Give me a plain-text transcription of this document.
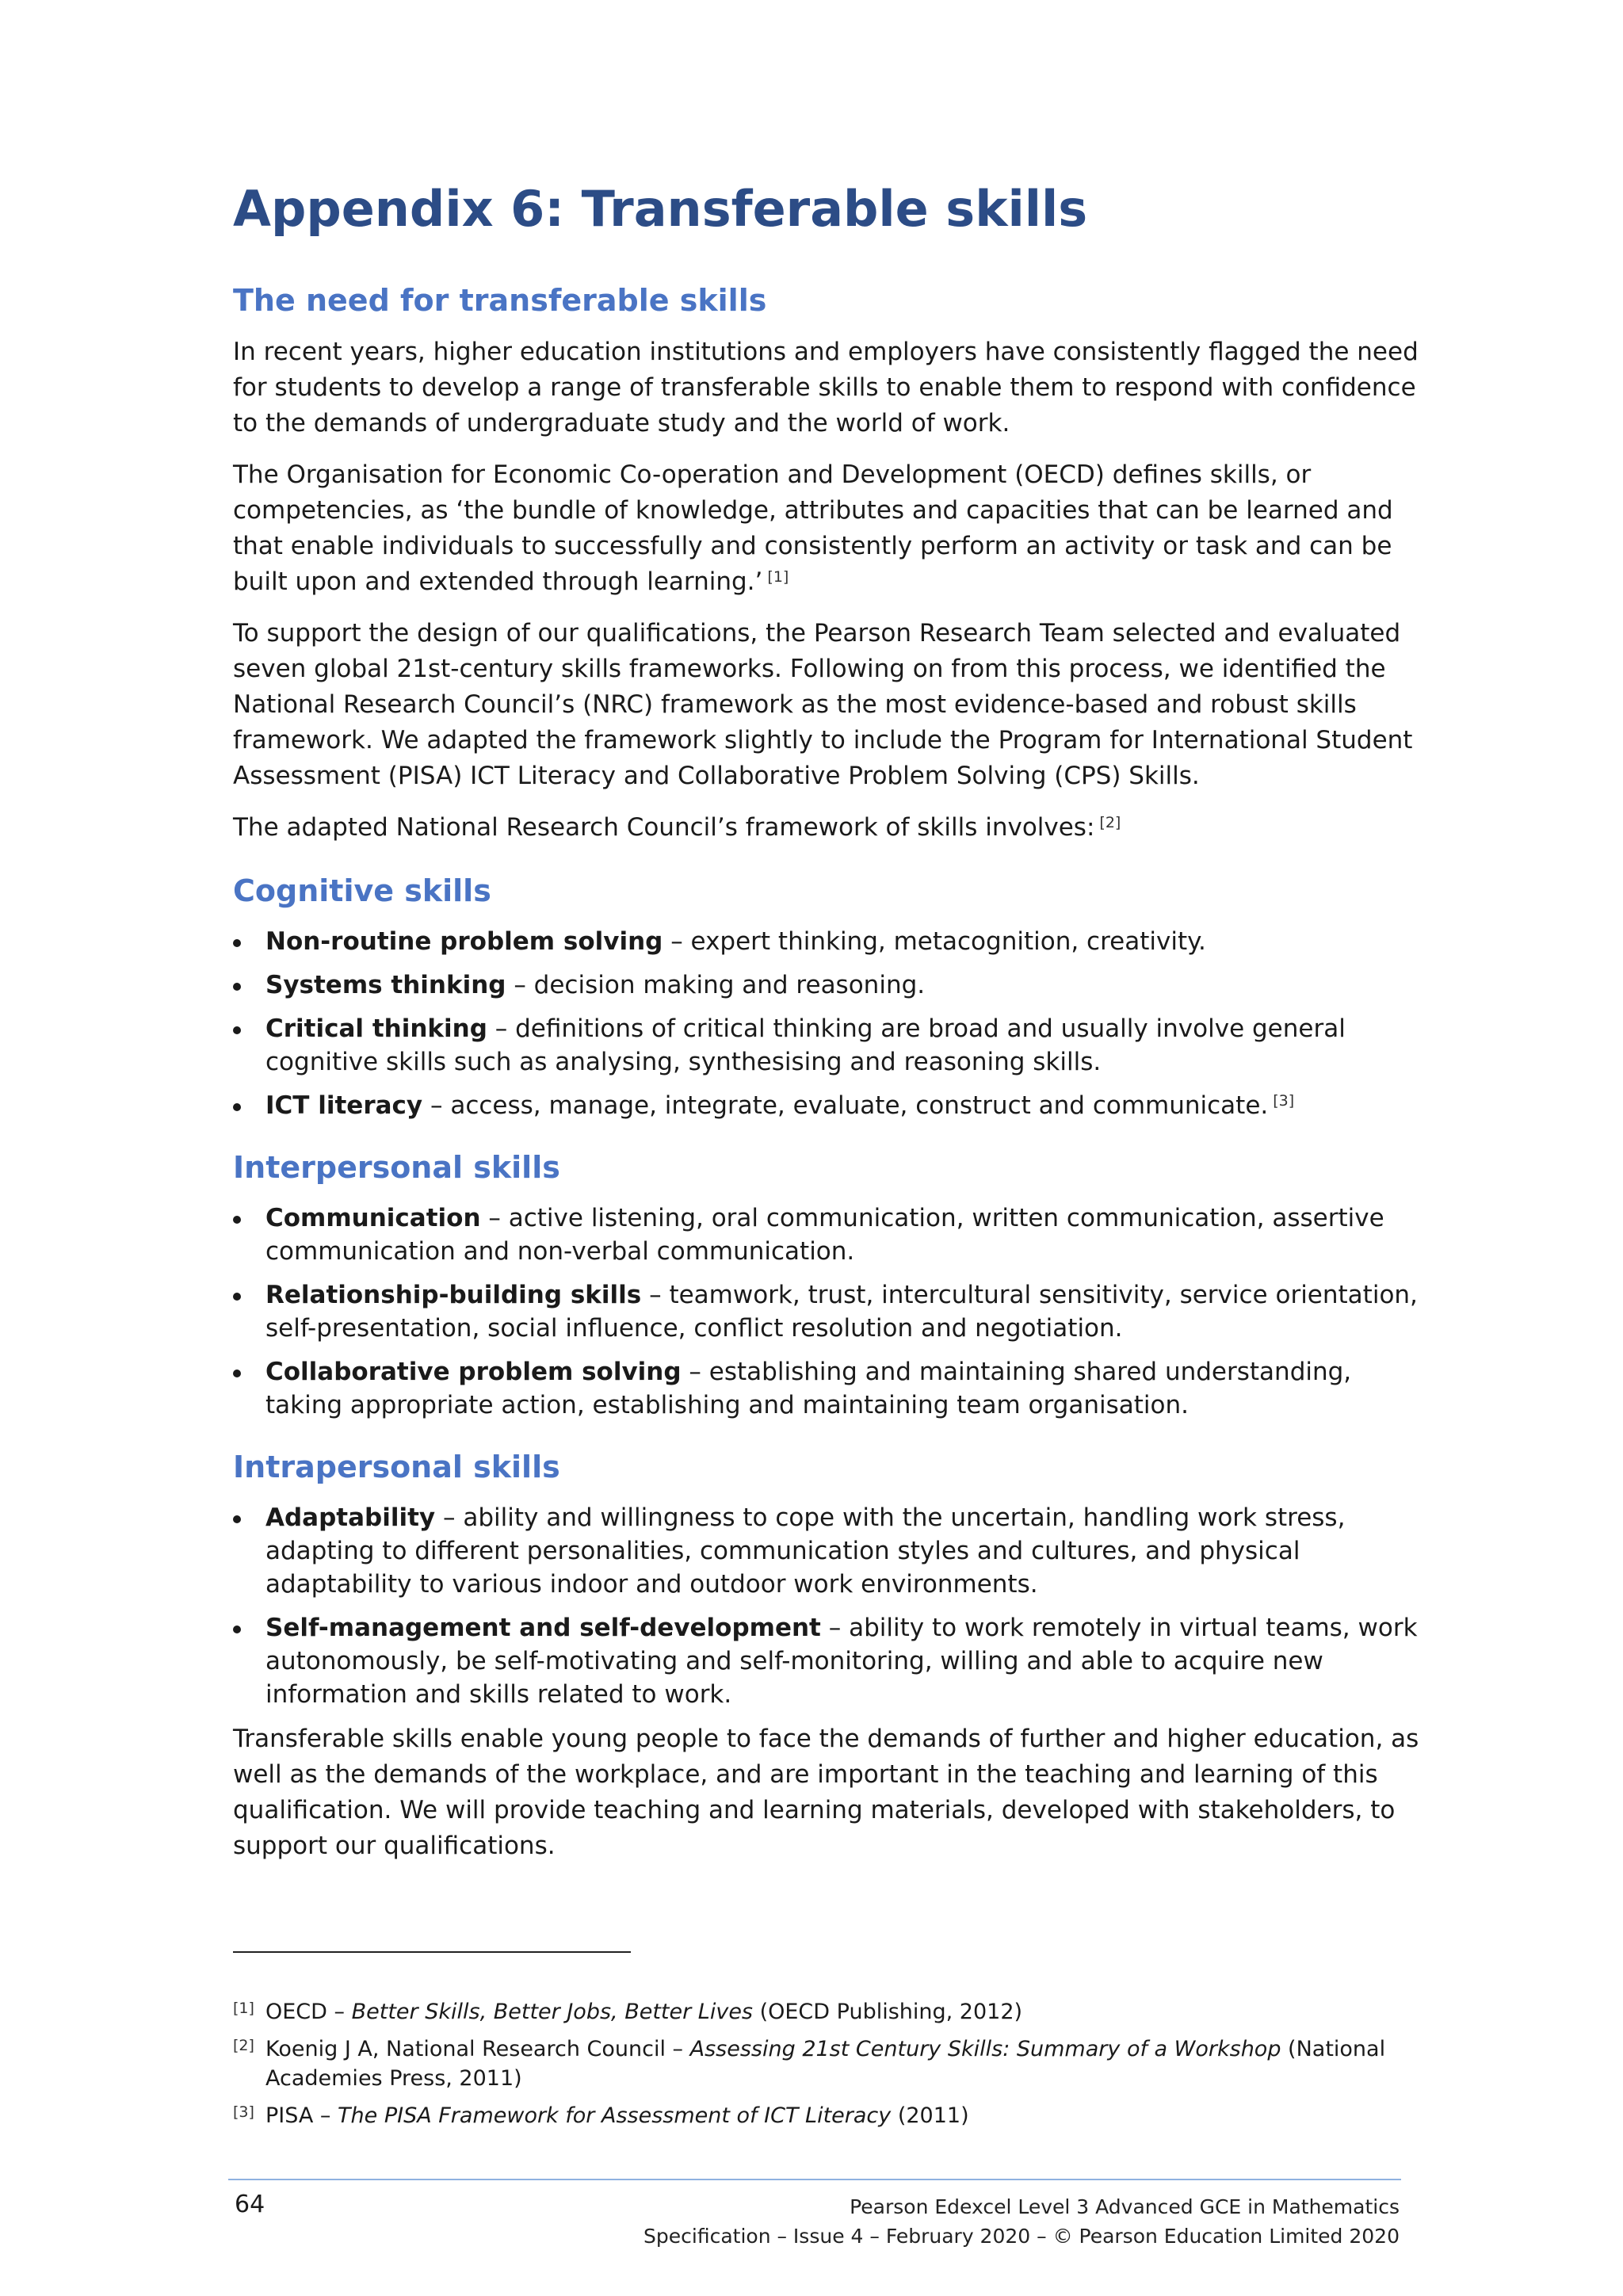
Appendix 6: Transferable skills
The need for transferable skills

In recent years, higher education institutions and employers have consistently flagged the need for students to develop a range of transferable skills to enable them to respond with confidence to the demands of undergraduate study and the world of work.

The Organisation for Economic Co-operation and Development (OECD) defines skills, or competencies, as ‘the bundle of knowledge, attributes and capacities that can be learned and that enable individuals to successfully and consistently perform an activity or task and can be built upon and extended through learning.’ [1]

To support the design of our qualifications, the Pearson Research Team selected and evaluated seven global 21st-century skills frameworks. Following on from this process, we identified the National Research Council’s (NRC) framework as the most evidence-based and robust skills framework. We adapted the framework slightly to include the Program for International Student Assessment (PISA) ICT Literacy and Collaborative Problem Solving (CPS) Skills.

The adapted National Research Council’s framework of skills involves: [2]

Cognitive skills
Non-routine problem solving – expert thinking, metacognition, creativity.
Systems thinking – decision making and reasoning.
Critical thinking – definitions of critical thinking are broad and usually involve general cognitive skills such as analysing, synthesising and reasoning skills.
ICT literacy – access, manage, integrate, evaluate, construct and communicate. [3]
Interpersonal skills
Communication – active listening, oral communication, written communication, assertive communication and non-verbal communication.
Relationship-building skills – teamwork, trust, intercultural sensitivity, service orientation, self-presentation, social influence, conflict resolution and negotiation.
Collaborative problem solving – establishing and maintaining shared understanding, taking appropriate action, establishing and maintaining team organisation.
Intrapersonal skills
Adaptability – ability and willingness to cope with the uncertain, handling work stress, adapting to different personalities, communication styles and cultures, and physical adaptability to various indoor and outdoor work environments.
Self-management and self-development – ability to work remotely in virtual teams, work autonomously, be self-motivating and self-monitoring, willing and able to acquire new information and skills related to work.

Transferable skills enable young people to face the demands of further and higher education, as well as the demands of the workplace, and are important in the teaching and learning of this qualification. We will provide teaching and learning materials, developed with stakeholders, to support our qualifications.

[1] OECD – Better Skills, Better Jobs, Better Lives (OECD Publishing, 2012)
[2] Koenig J A, National Research Council – Assessing 21st Century Skills: Summary of a Workshop (National Academies Press, 2011)
[3] PISA – The PISA Framework for Assessment of ICT Literacy (2011)
64	Pearson Edexcel Level 3 Advanced GCE in Mathematics
Specification – Issue 4 – February 2020 – © Pearson Education Limited 2020
